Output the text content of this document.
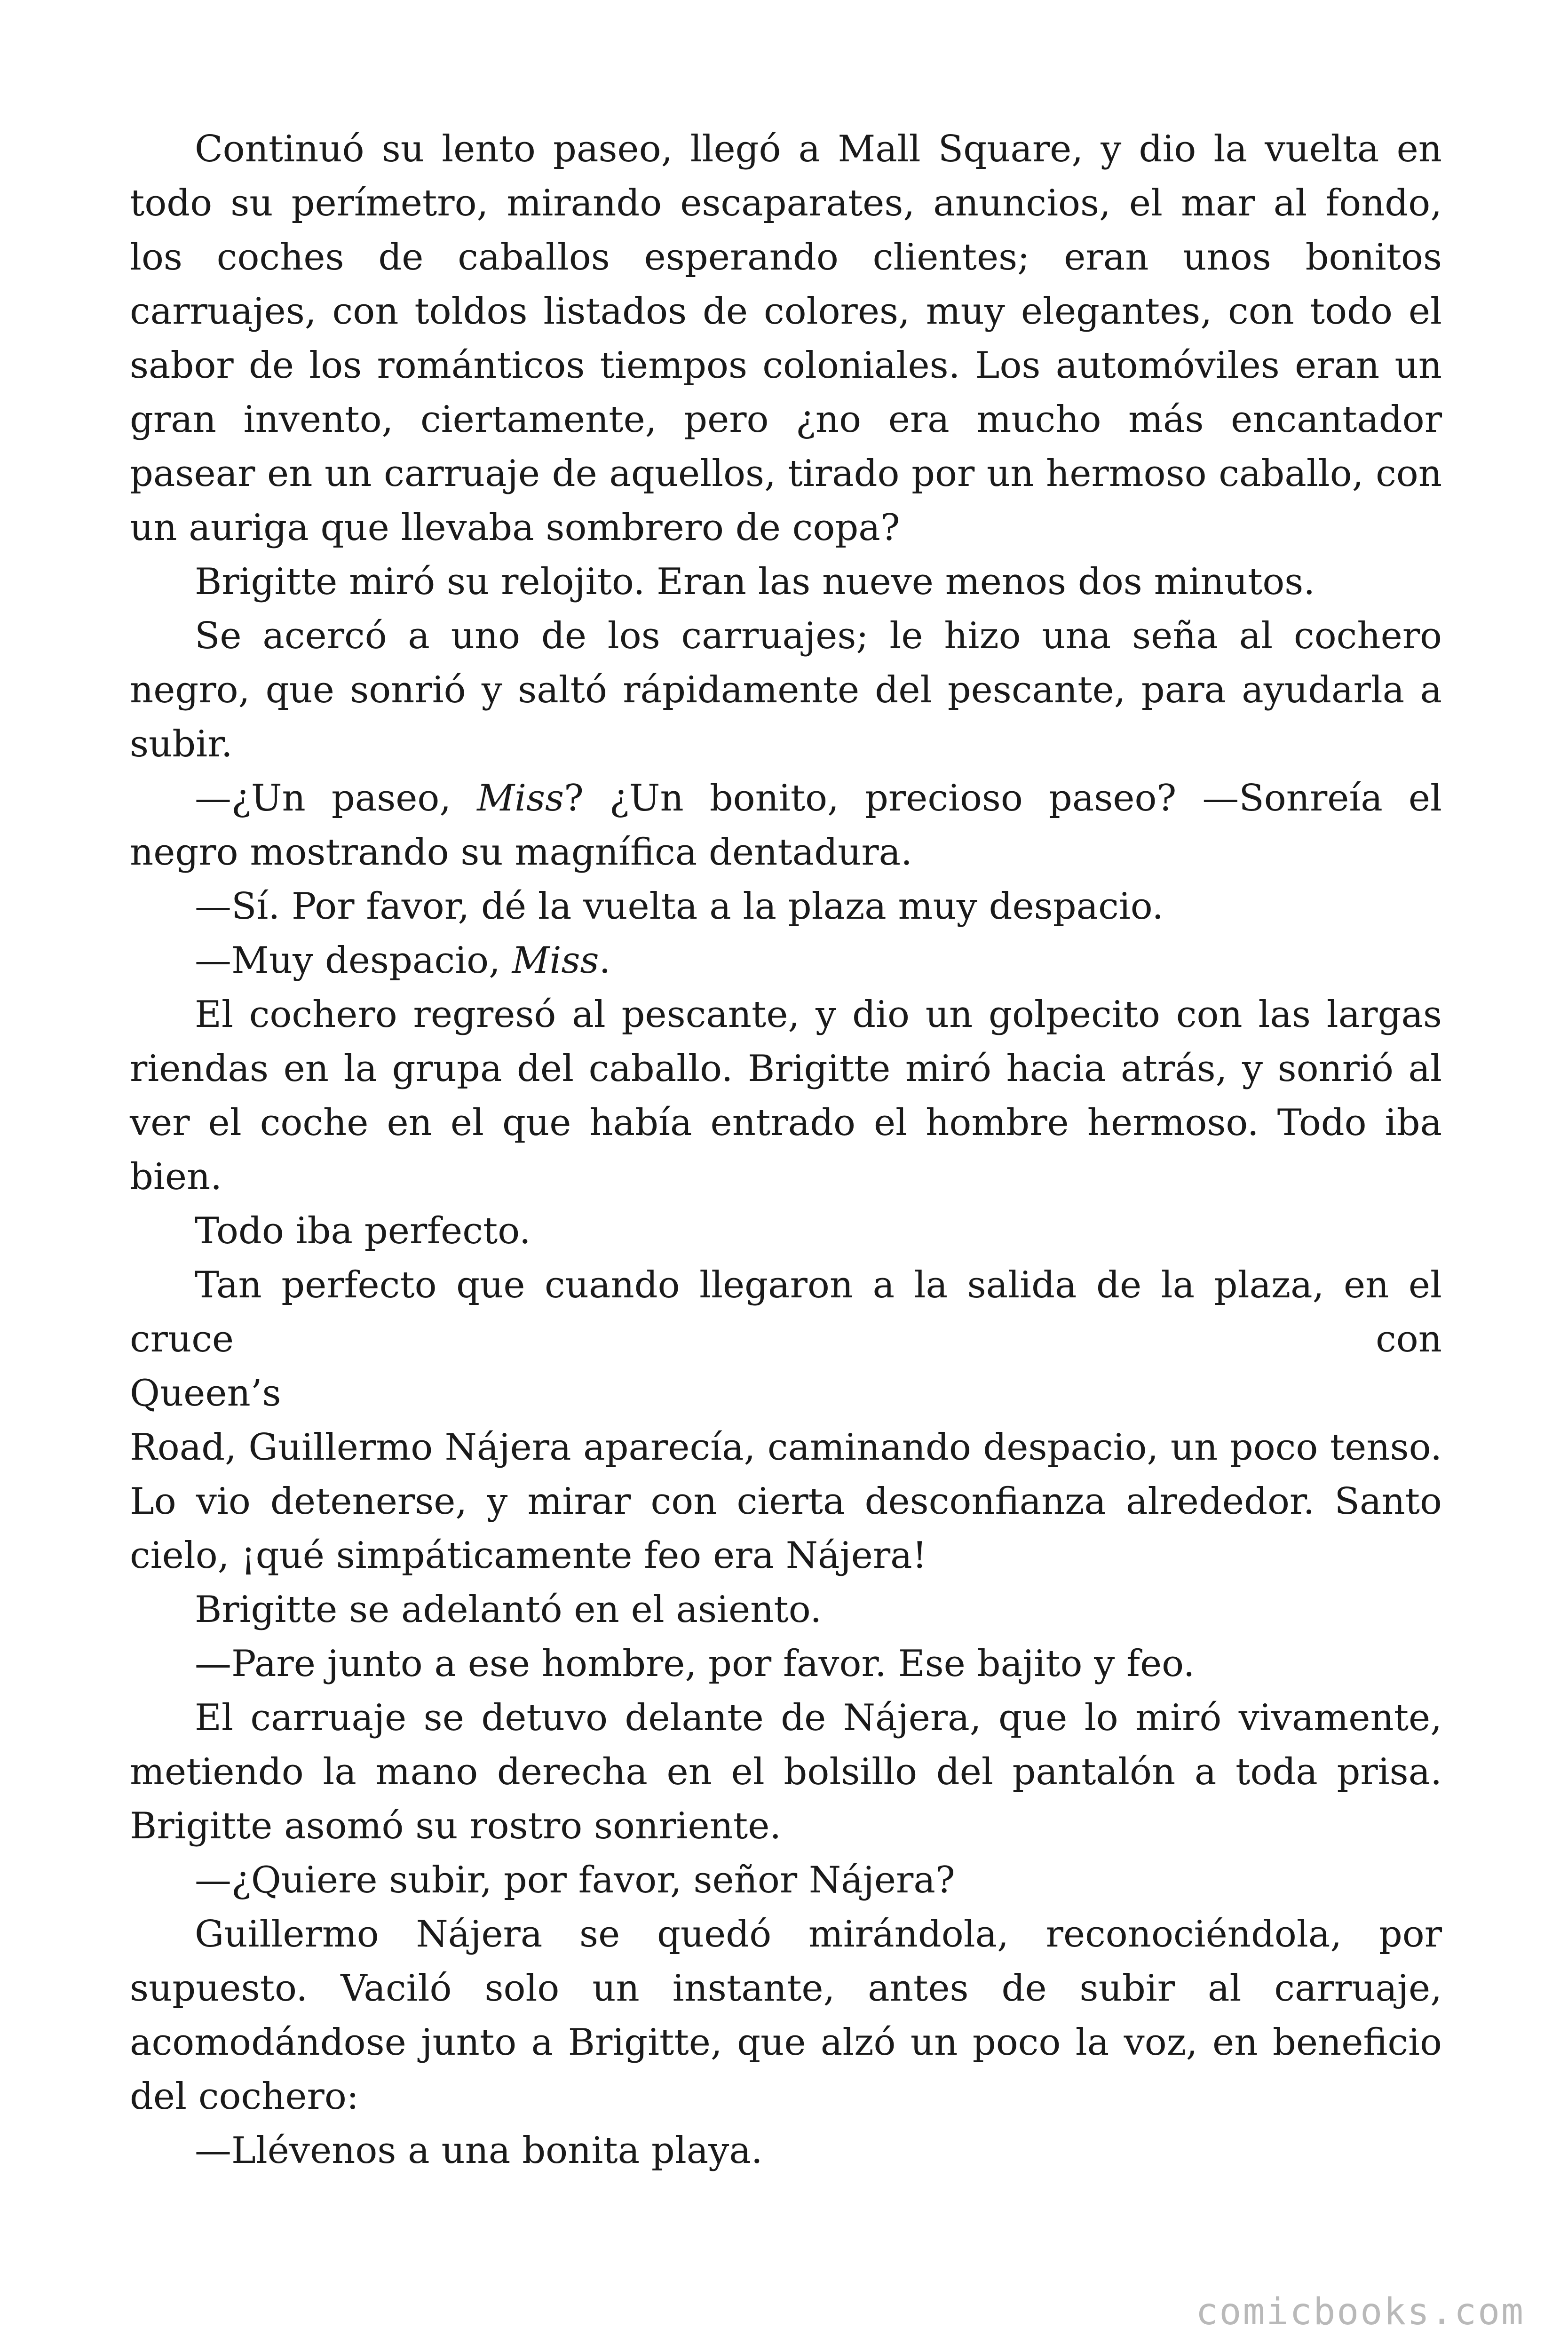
Continuó su lento paseo, llegó a Mall Square, y dio la vuelta en todo su perímetro, mirando escaparates, anuncios, el mar al fondo, los coches de caballos esperando clientes; eran unos bonitos carruajes, con toldos listados de colores, muy elegantes, con todo el sabor de los románticos tiempos coloniales. Los automóviles eran un gran invento, ciertamente, pero ¿no era mucho más encantador pasear en un carruaje de aquellos, tirado por un hermoso caballo, con un auriga que llevaba sombrero de copa?

Brigitte miró su relojito. Eran las nueve menos dos minutos.

Se acercó a uno de los carruajes; le hizo una seña al cochero negro, que sonrió y saltó rápidamente del pescante, para ayudarla a subir.

—¿Un paseo, Miss? ¿Un bonito, precioso paseo? —Sonreía el negro mostrando su magnífica dentadura.

—Sí. Por favor, dé la vuelta a la plaza muy despacio.

—Muy despacio, Miss.

El cochero regresó al pescante, y dio un golpecito con las largas riendas en la grupa del caballo. Brigitte miró hacia atrás, y sonrió al ver el coche en el que había entrado el hombre hermoso. Todo iba bien.

Todo iba perfecto.

Tan perfecto que cuando llegaron a la salida de la plaza, en el cruce con

Queen’s

Road, Guillermo Nájera aparecía, caminando despacio, un poco tenso. Lo vio detenerse, y mirar con cierta desconfianza alrededor. Santo cielo, ¡qué simpáticamente feo era Nájera!

Brigitte se adelantó en el asiento.

—Pare junto a ese hombre, por favor. Ese bajito y feo.

El carruaje se detuvo delante de Nájera, que lo miró vivamente, metiendo la mano derecha en el bolsillo del pantalón a toda prisa. Brigitte asomó su rostro sonriente.

—¿Quiere subir, por favor, señor Nájera?

Guillermo Nájera se quedó mirándola, reconociéndola, por supuesto. Vaciló solo un instante, antes de subir al carruaje, acomodándose junto a Brigitte, que alzó un poco la voz, en beneficio del cochero:

—Llévenos a una bonita playa.

comicbooks.com
